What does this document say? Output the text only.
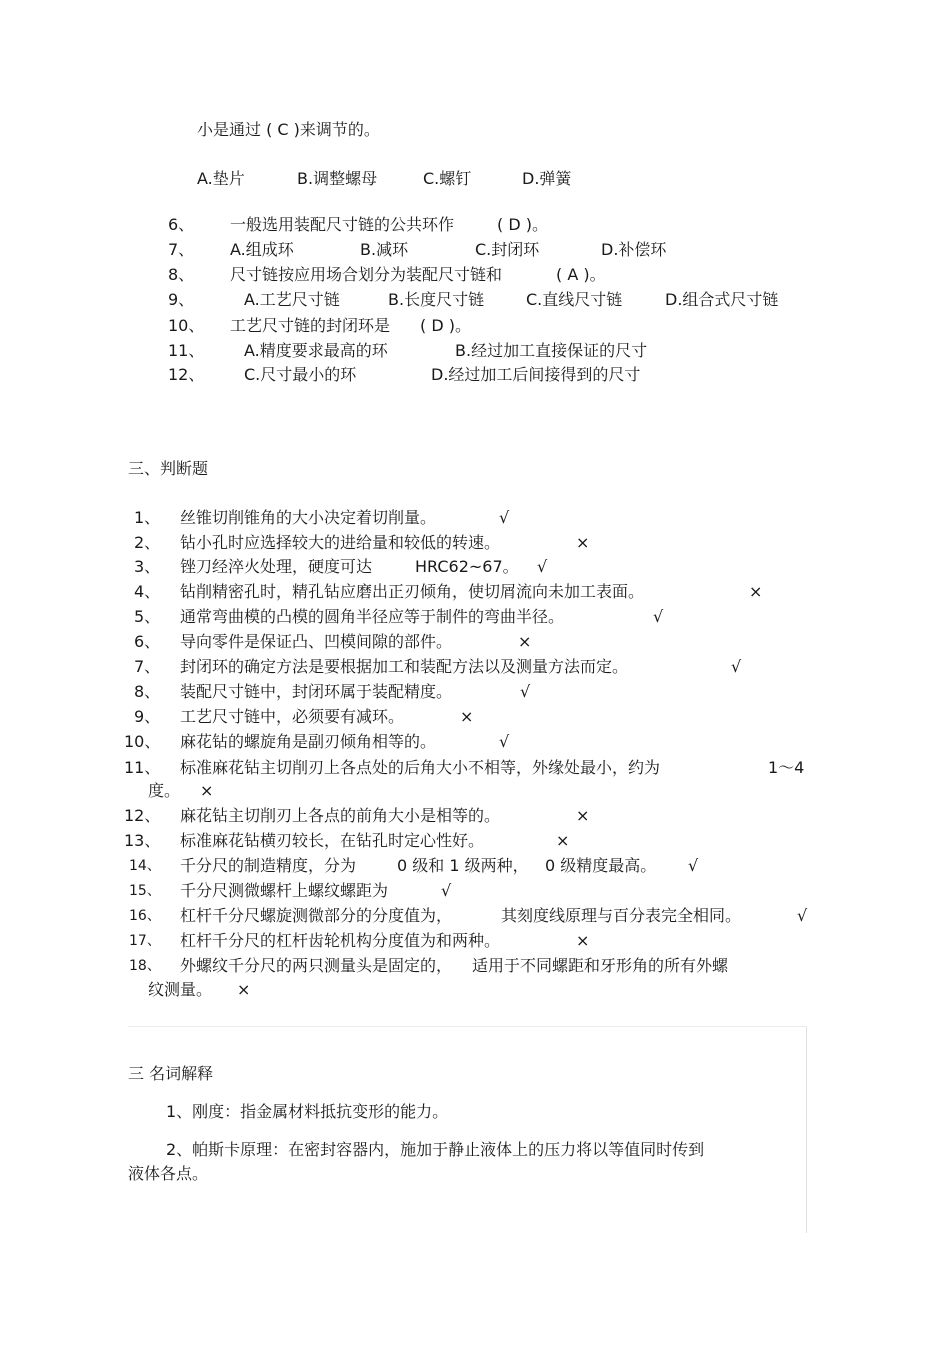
小是通过 ( C )来调节的。
A.垫片	B.调整螺母	C.螺钉	D.弹簧
6、 一般选用装配尺寸链的公共环作	( D )。
7、 A.组成环	B.减环	C.封闭环	D.补偿环
8、 尺寸链按应用场合划分为装配尺寸链和	( A )。
9、	A.工艺尺寸链	B.长度尺寸链	C.直线尺寸链	D.组合式尺寸链
10、 工艺尺寸链的封闭环是 ( D )。
11、 A.精度要求最高的环	B.经过加工直接保证的尺寸
12、 C.尺寸最小的环	D.经过加工后间接得到的尺寸
三、判断题
1、 丝锥切削锥角的大小决定着切削量。	√
2、 钻小孔时应选择较大的进给量和较低的转速。	×
3、 锉刀经淬火处理，硬度可达	HRC62~67。 √
4、 钻削精密孔时，精孔钻应磨出正刃倾角，使切屑流向未加工表面。	×
5、 通常弯曲模的凸模的圆角半径应等于制件的弯曲半径。	√
6、 导向零件是保证凸、凹模间隙的部件。	×
7、 封闭环的确定方法是要根据加工和装配方法以及测量方法而定。	√
8、 装配尺寸链中，封闭环属于装配精度。	√
9、 工艺尺寸链中，必须要有减环。	×
10、 麻花钻的螺旋角是副刃倾角相等的。	√
11、 标准麻花钻主切削刃上各点处的后角大小不相等，外缘处最小，约为	1～4
度。 ×
12、 麻花钻主切削刃上各点的前角大小是相等的。	×
13、 标准麻花钻横刃较长，在钻孔时定心性好。	×
14、 千分尺的制造精度，分为	0 级和 1 级两种， 0 级精度最高。 √
15、 千分尺测微螺杆上螺纹螺距为	√
16、 杠杆千分尺螺旋测微部分的分度值为，	其刻度线原理与百分表完全相同。	√
17、 杠杆千分尺的杠杆齿轮机构分度值为和两种。	×
18、 外螺纹千分尺的两只测量头是固定的， 适用于不同螺距和牙形角的所有外螺
纹测量。 ×
三 名词解释
1、刚度：指金属材料抵抗变形的能力。
2、帕斯卡原理：在密封容器内，施加于静止液体上的压力将以等值同时传到
液体各点。
